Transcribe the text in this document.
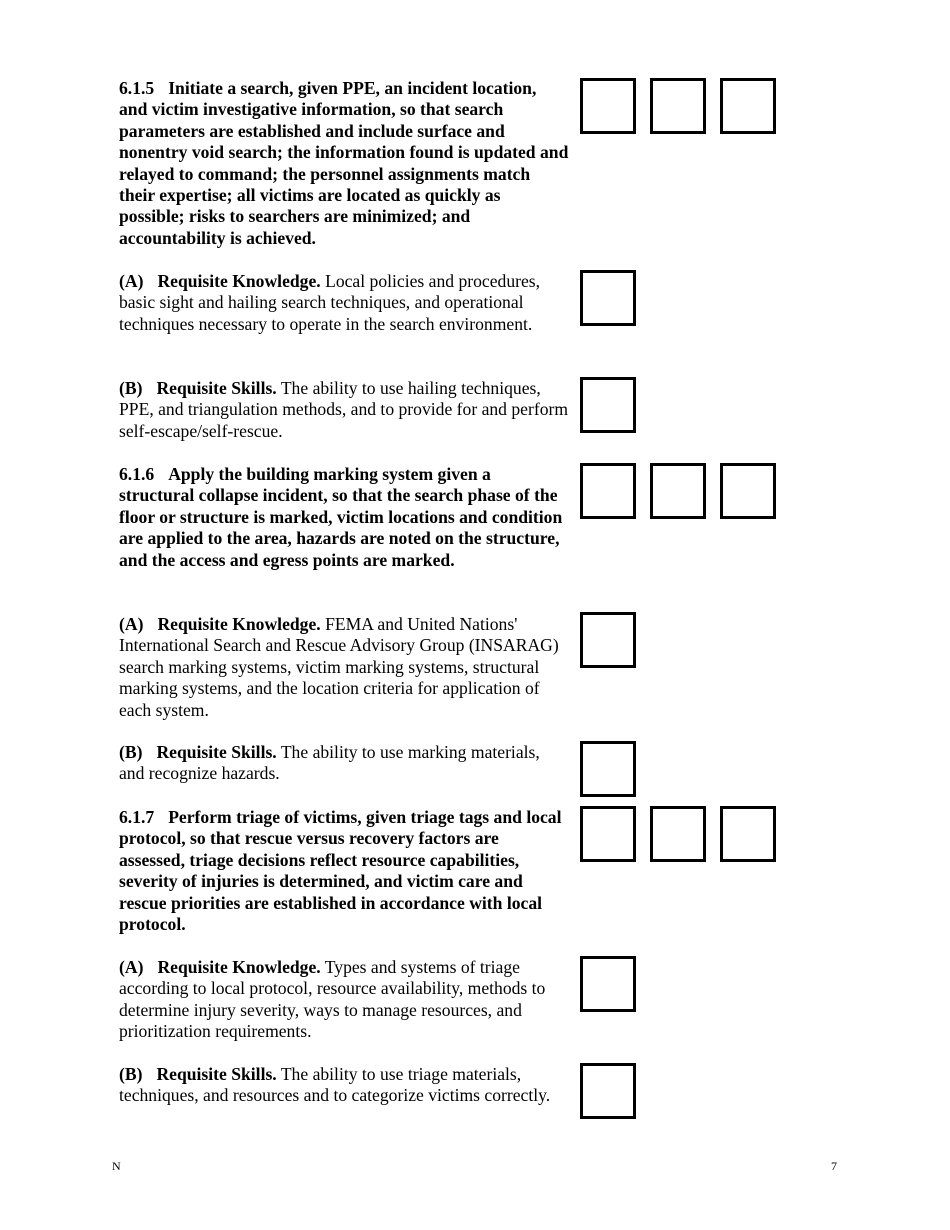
6.1.5 Initiate a search, given PPE, an incident location, and victim investigative information, so that search parameters are established and include surface and nonentry void search; the information found is updated and relayed to command; the personnel assignments match their expertise; all victims are located as quickly as possible; risks to searchers are minimized; and accountability is achieved.

(A) Requisite Knowledge. Local policies and procedures, basic sight and hailing search techniques, and operational techniques necessary to operate in the search environment.

(B) Requisite Skills. The ability to use hailing techniques, PPE, and triangulation methods, and to provide for and perform self-escape/self-rescue.

6.1.6 Apply the building marking system given a structural collapse incident, so that the search phase of the floor or structure is marked, victim locations and condition are applied to the area, hazards are noted on the structure, and the access and egress points are marked.

(A) Requisite Knowledge. FEMA and United Nations' International Search and Rescue Advisory Group (INSARAG) search marking systems, victim marking systems, structural marking systems, and the location criteria for application of each system.

(B) Requisite Skills. The ability to use marking materials, and recognize hazards.

6.1.7 Perform triage of victims, given triage tags and local protocol, so that rescue versus recovery factors are assessed, triage decisions reflect resource capabilities, severity of injuries is determined, and victim care and rescue priorities are established in accordance with local protocol.

(A) Requisite Knowledge. Types and systems of triage according to local protocol, resource availability, methods to determine injury severity, ways to manage resources, and prioritization requirements.

(B) Requisite Skills. The ability to use triage materials, techniques, and resources and to categorize victims correctly.

N	7
